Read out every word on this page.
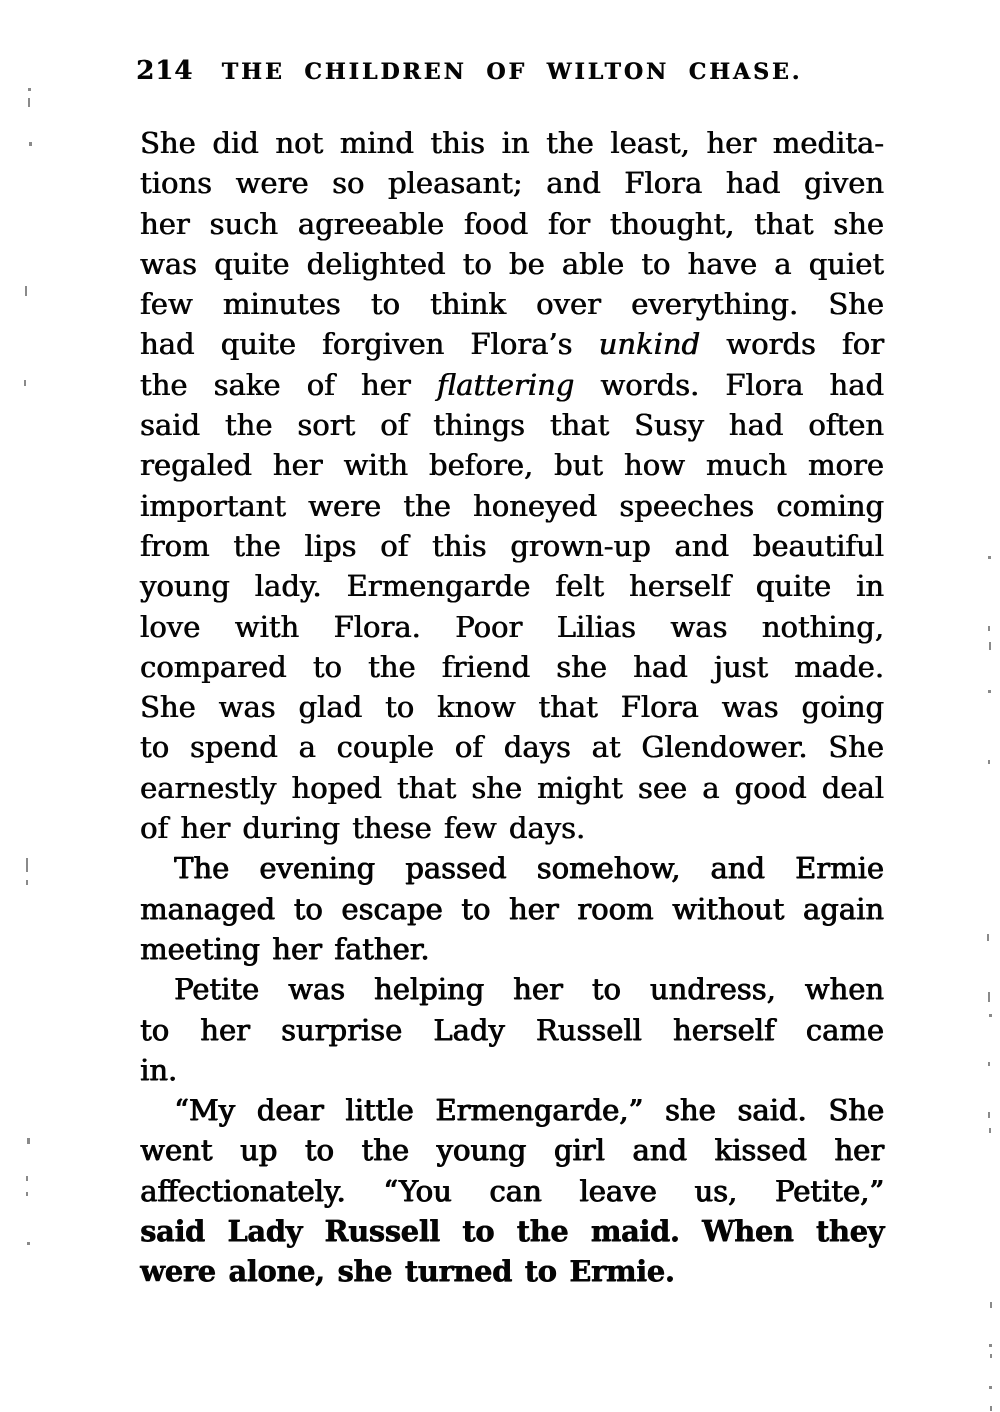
214	THE CHILDREN OF WILTON CHASE.
She did not mind this in the least, her medita-
tions were so pleasant; and Flora had given
her such agreeable food for thought, that she
was quite delighted to be able to have a quiet
few minutes to think over everything. She
had quite forgiven Flora’s unkind words for
the sake of her flattering words. Flora had
said the sort of things that Susy had often
regaled her with before, but how much more
important were the honeyed speeches coming
from the lips of this grown-up and beautiful
young lady. Ermengarde felt herself quite in
love with Flora. Poor Lilias was nothing,
compared to the friend she had just made.
She was glad to know that Flora was going
to spend a couple of days at Glendower. She
earnestly hoped that she might see a good deal
of her during these few days.
The evening passed somehow, and Ermie
managed to escape to her room without again
meeting her father.
Petite was helping her to undress, when
to her surprise Lady Russell herself came
in.
“My dear little Ermengarde,” she said. She
went up to the young girl and kissed her
affectionately. “You can leave us, Petite,”
said Lady Russell to the maid. When they
were alone, she turned to Ermie.
